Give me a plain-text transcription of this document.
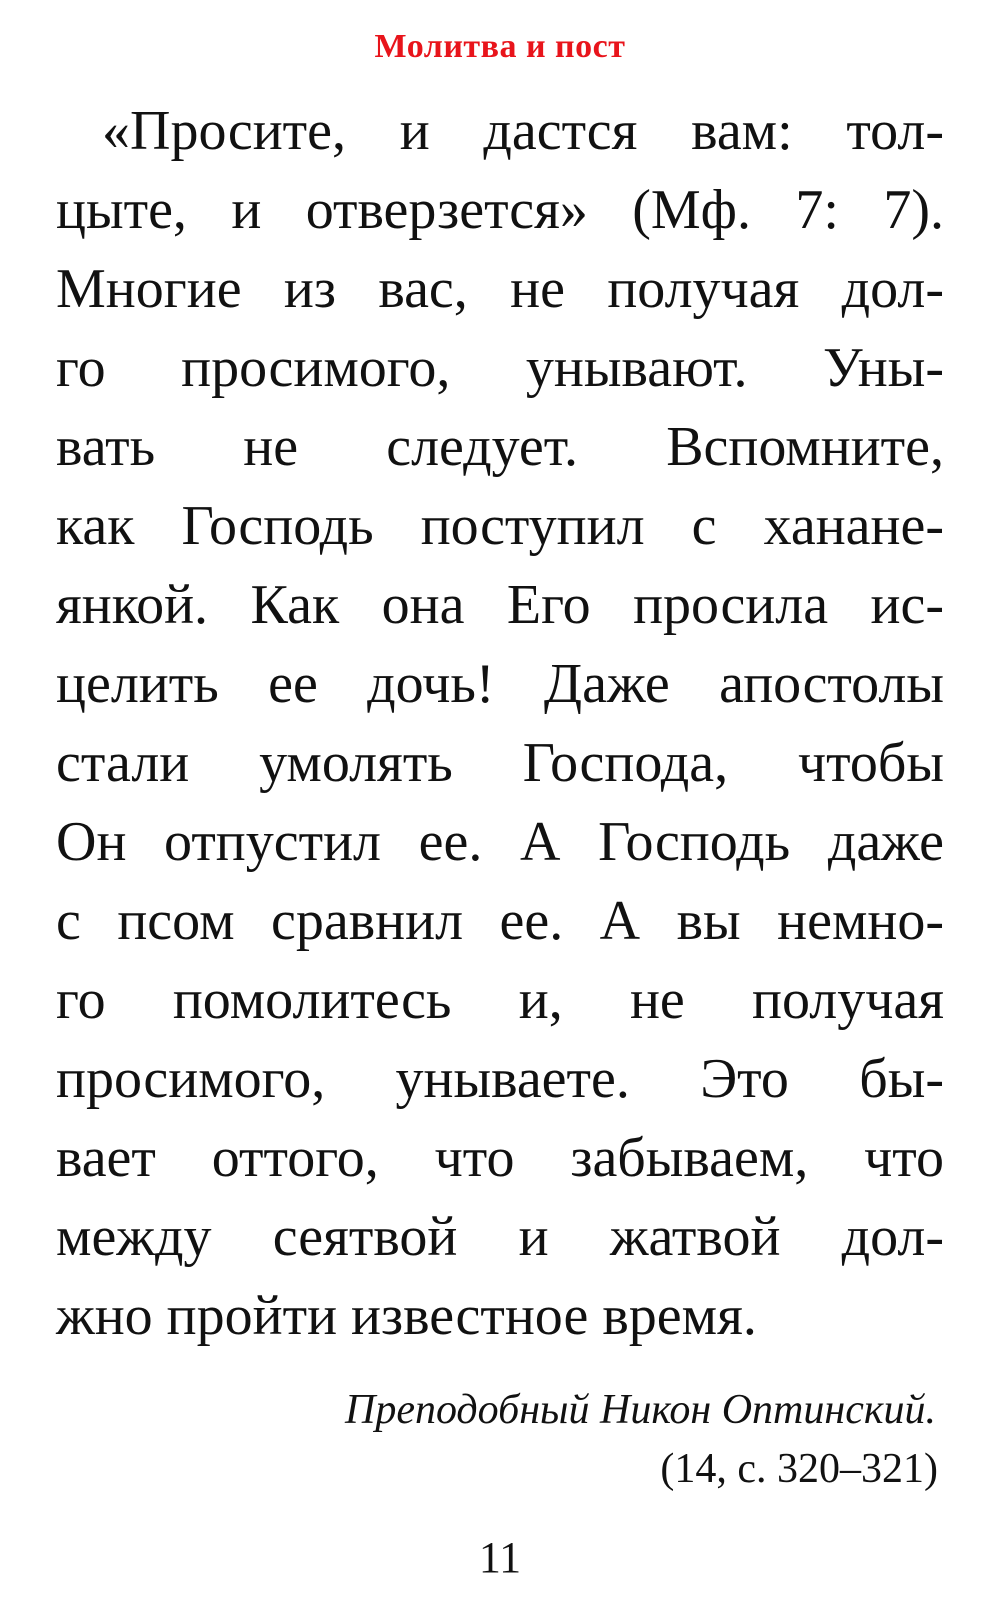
Молитва и пост
«Просите, и дастся вам: тол-
цыте, и отверзется» (Мф. 7: 7).
Многие из вас, не получая дол-
го просимого, унывают. Уны-
вать не следует. Вспомните,
как Господь поступил с ханане-
янкой. Как она Его просила ис-
целить ее дочь! Даже апостолы
стали умолять Господа, чтобы
Он отпустил ее. А Господь даже
с псом сравнил ее. А вы немно-
го помолитесь и, не получая
просимого, унываете. Это бы-
вает оттого, что забываем, что
между сеятвой и жатвой дол-
жно пройти известное время.
Преподобный Никон Оптинский.
(14, с. 320–321)
11
